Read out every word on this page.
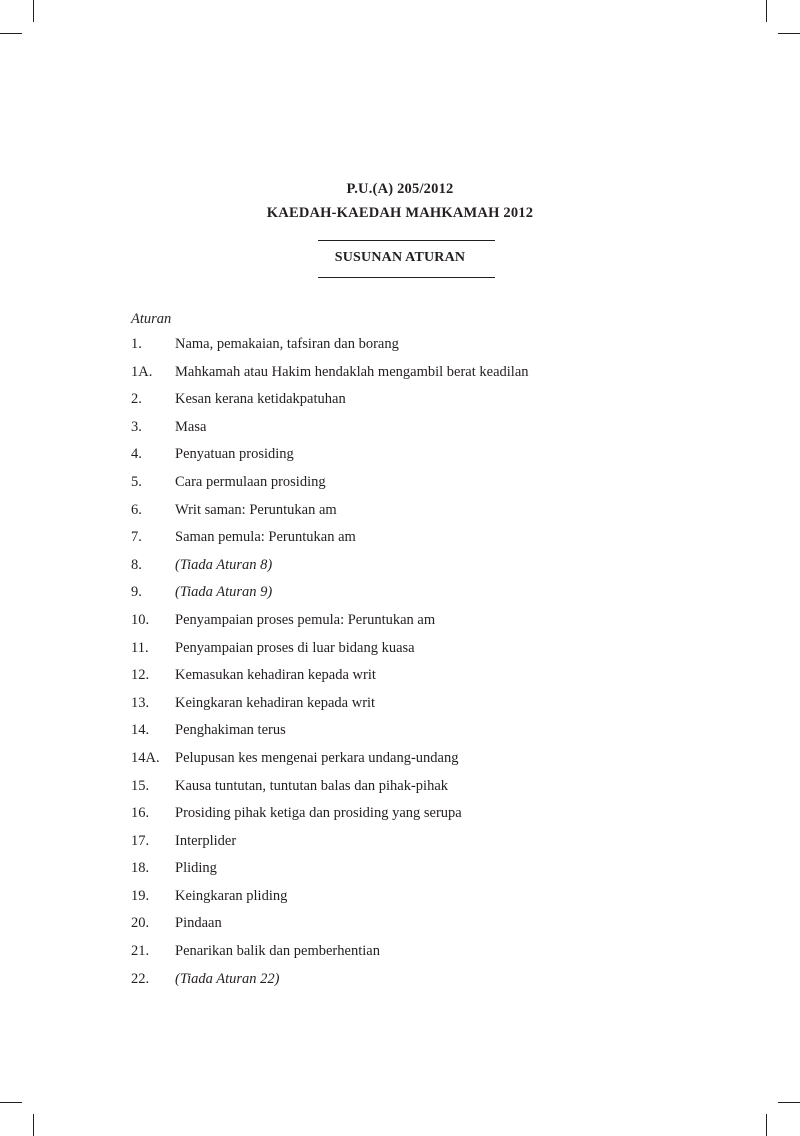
P.U.(A) 205/2012
KAEDAH-KAEDAH MAHKAMAH 2012
SUSUNAN ATURAN
Aturan
1. Nama, pemakaian, tafsiran dan borang
1A. Mahkamah atau Hakim hendaklah mengambil berat keadilan
2. Kesan kerana ketidakpatuhan
3. Masa
4. Penyatuan prosiding
5. Cara permulaan prosiding
6. Writ saman: Peruntukan am
7. Saman pemula: Peruntukan am
8. (Tiada Aturan 8)
9. (Tiada Aturan 9)
10. Penyampaian proses pemula: Peruntukan am
11. Penyampaian proses di luar bidang kuasa
12. Kemasukan kehadiran kepada writ
13. Keingkaran kehadiran kepada writ
14. Penghakiman terus
14A. Pelupusan kes mengenai perkara undang-undang
15. Kausa tuntutan, tuntutan balas dan pihak-pihak
16. Prosiding pihak ketiga dan prosiding yang serupa
17. Interplider
18. Pliding
19. Keingkaran pliding
20. Pindaan
21. Penarikan balik dan pemberhentian
22. (Tiada Aturan 22)
